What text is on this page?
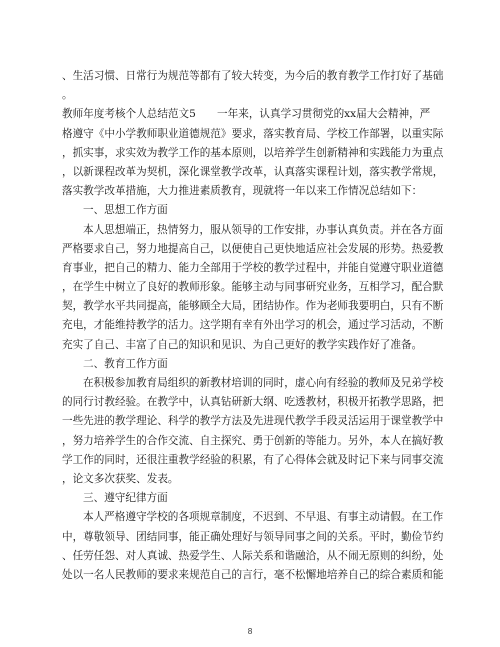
、生活习惯、日常行为规范等都有了较大转变，为今后的教育教学工作打好了基础
。
教师年度考核个人总结范文5　　一年来，认真学习贯彻党的xx届大会精神，严
格遵守《中小学教师职业道德规范》要求，落实教育局、学校工作部署，以重实际
，抓实事，求实效为教学工作的基本原则，以培养学生创新精神和实践能力为重点
，以新课程改革为契机，深化课堂教学改革，认真落实课程计划，落实教学常规，
落实教学改革措施，大力推进素质教育，现就将一年以来工作情况总结如下：
一、思想工作方面
本人思想端正，热情努力，服从领导的工作安排，办事认真负责。并在各方面
严格要求自己，努力地提高自己，以便使自己更快地适应社会发展的形势。热爱教
育事业，把自己的精力、能力全部用于学校的教学过程中，并能自觉遵守职业道德
，在学生中树立了良好的教师形象。能够主动与同事研究业务，互相学习，配合默
契，教学水平共同提高，能够顾全大局，团结协作。作为老师我要明白，只有不断
充电，才能维持教学的活力。这学期有幸有外出学习的机会，通过学习活动，不断
充实了自己、丰富了自己的知识和见识、为自己更好的教学实践作好了准备。
二、教育工作方面
在积极参加教育局组织的新教材培训的同时，虚心向有经验的教师及兄弟学校
的同行讨教经验。在教学中，认真钻研新大纲、吃透教材，积极开拓教学思路，把
一些先进的教学理论、科学的教学方法及先进现代教学手段灵活运用于课堂教学中
，努力培养学生的合作交流、自主探究、勇于创新的等能力。另外，本人在搞好教
学工作的同时，还很注重教学经验的积累，有了心得体会就及时记下来与同事交流
，论文多次获奖、发表。
三、遵守纪律方面
本人严格遵守学校的各项规章制度，不迟到、不早退、有事主动请假。在工作
中，尊敬领导、团结同事，能正确处理好与领导同事之间的关系。平时，勤俭节约
、任劳任怨、对人真诚、热爱学生、人际关系和谐融洽，从不闹无原则的纠纷，处
处以一名人民教师的要求来规范自己的言行，毫不松懈地培养自己的综合素质和能
8
